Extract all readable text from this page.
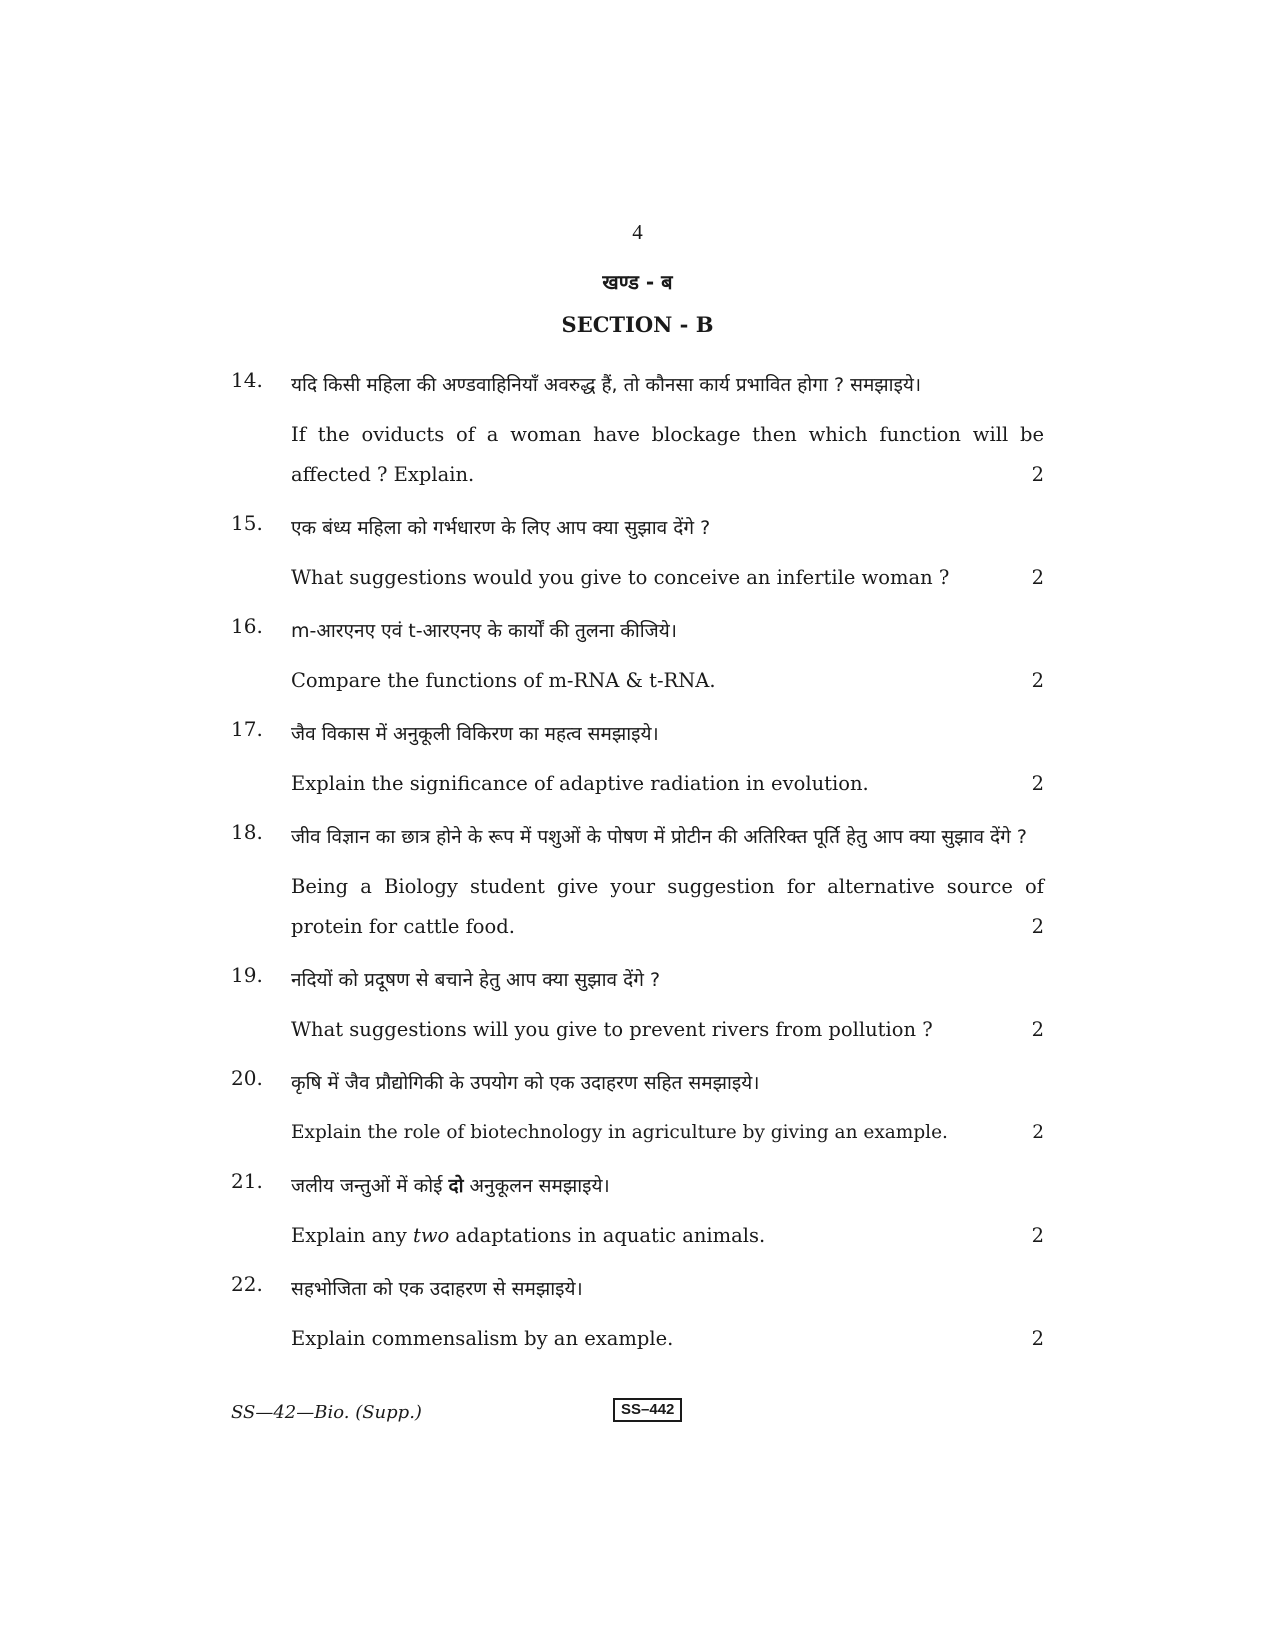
4
खण्ड - ब
SECTION - B
14. यदि किसी महिला की अण्डवाहिनियाँ अवरुद्ध हैं, तो कौनसा कार्य प्रभावित होगा ? समझाइये।

If the oviducts of a woman have blockage then which function will be affected ? Explain.	2

15. एक बंध्य महिला को गर्भधारण के लिए आप क्या सुझाव देंगे ?

2
What suggestions would you give to conceive an infertile woman ?

16. m-आरएनए एवं t-आरएनए के कार्यों की तुलना कीजिये।

2
Compare the functions of m-RNA & t-RNA.

17. जैव विकास में अनुकूली विकिरण का महत्व समझाइये।

2
Explain the significance of adaptive radiation in evolution.

18. जीव विज्ञान का छात्र होने के रूप में पशुओं के पोषण में प्रोटीन की अतिरिक्त पूर्ति हेतु आप क्या सुझाव देंगे ?

Being a Biology student give your suggestion for alternative source of protein for cattle food.	2

19. नदियों को प्रदूषण से बचाने हेतु आप क्या सुझाव देंगे ?

2
What suggestions will you give to prevent rivers from pollution ?

20. कृषि में जैव प्रौद्योगिकी के उपयोग को एक उदाहरण सहित समझाइये।

2
Explain the role of biotechnology in agriculture by giving an example.

21. जलीय जन्तुओं में कोई दो अनुकूलन समझाइये।

2
Explain any two adaptations in aquatic animals.

22. सहभोजिता को एक उदाहरण से समझाइये।

2
Explain commensalism by an example.

SS—42—Bio. (Supp.)	SS–442
